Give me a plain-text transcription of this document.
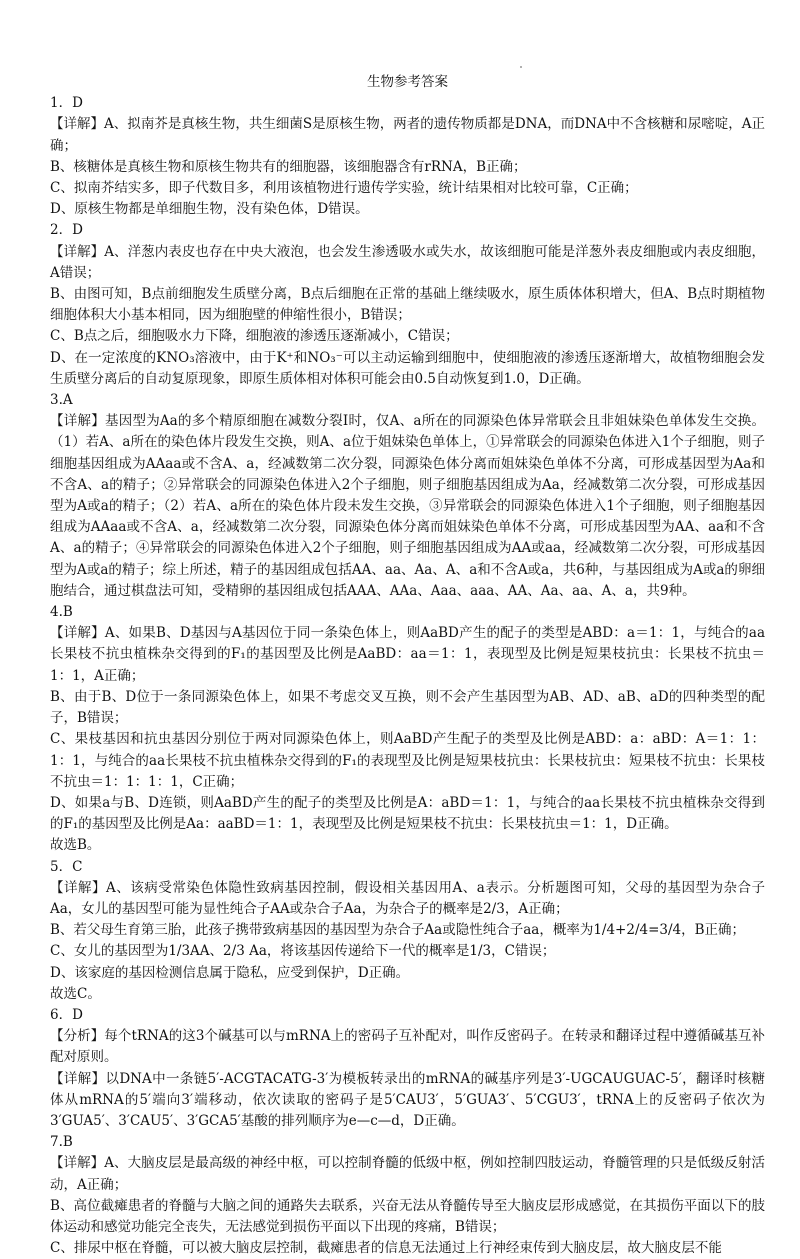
生物参考答案

1．D

【详解】A、拟南芥是真核生物，共生细菌S是原核生物，两者的遗传物质都是DNA，而DNA中不含核糖和尿嘧啶，A正确；

B、核糖体是真核生物和原核生物共有的细胞器，该细胞器含有rRNA，B正确；

C、拟南芥结实多，即子代数目多，利用该植物进行遗传学实验，统计结果相对比较可靠，C正确；

D、原核生物都是单细胞生物，没有染色体，D错误。

2．D

【详解】A、洋葱内表皮也存在中央大液泡，也会发生渗透吸水或失水，故该细胞可能是洋葱外表皮细胞或内表皮细胞，A错误；

B、由图可知，B点前细胞发生质壁分离，B点后细胞在正常的基础上继续吸水，原生质体体积增大，但A、B点时期植物细胞体积大小基本相同，因为细胞壁的伸缩性很小，B错误；

C、B点之后，细胞吸水力下降，细胞液的渗透压逐渐减小，C错误；

D、在一定浓度的KNO₃溶液中，由于K⁺和NO₃⁻可以主动运输到细胞中，使细胞液的渗透压逐渐增大，故植物细胞会发生质壁分离后的自动复原现象，即原生质体相对体积可能会由0.5自动恢复到1.0，D正确。

3.A

【详解】基因型为Aa的多个精原细胞在减数分裂Ⅰ时，仅A、a所在的同源染色体异常联会且非姐妹染色单体发生交换。（1）若A、a所在的染色体片段发生交换，则A、a位于姐妹染色单体上，①异常联会的同源染色体进入1个子细胞，则子细胞基因组成为AAaa或不含A、a，经减数第二次分裂，同源染色体分离而姐妹染色单体不分离，可形成基因型为Aa和不含A、a的精子；②异常联会的同源染色体进入2个子细胞，则子细胞基因组成为Aa，经减数第二次分裂，可形成基因型为A或a的精子；（2）若A、a所在的染色体片段未发生交换，③异常联会的同源染色体进入1个子细胞，则子细胞基因组成为AAaa或不含A、a，经减数第二次分裂，同源染色体分离而姐妹染色单体不分离，可形成基因型为AA、aa和不含A、a的精子；④异常联会的同源染色体进入2个子细胞，则子细胞基因组成为AA或aa，经减数第二次分裂，可形成基因型为A或a的精子；综上所述，精子的基因组成包括AA、aa、Aa、A、a和不含A或a，共6种，与基因组成为A或a的卵细胞结合，通过棋盘法可知，受精卵的基因组成包括AAA、AAa、Aaa、aaa、AA、Aa、aa、A、a，共9种。

4.B

【详解】A、如果B、D基因与A基因位于同一条染色体上，则AaBD产生的配子的类型是ABD：a＝1：1，与纯合的aa长果枝不抗虫植株杂交得到的F₁的基因型及比例是AaBD：aa＝1：1，表现型及比例是短果枝抗虫：长果枝不抗虫＝1：1，A正确；

B、由于B、D位于一条同源染色体上，如果不考虑交叉互换，则不会产生基因型为AB、AD、aB、aD的四种类型的配子，B错误；

C、果枝基因和抗虫基因分别位于两对同源染色体上，则AaBD产生配子的类型及比例是ABD：a：aBD：A＝1：1：1：1，与纯合的aa长果枝不抗虫植株杂交得到的F₁的表现型及比例是短果枝抗虫：长果枝抗虫：短果枝不抗虫：长果枝不抗虫＝1：1：1：1，C正确；

D、如果a与B、D连锁，则AaBD产生的配子的类型及比例是A：aBD＝1：1，与纯合的aa长果枝不抗虫植株杂交得到的F₁的基因型及比例是Aa：aaBD＝1：1，表现型及比例是短果枝不抗虫：长果枝抗虫＝1：1，D正确。

故选B。

5．C

【详解】A、该病受常染色体隐性致病基因控制，假设相关基因用A、a表示。分析题图可知，父母的基因型为杂合子Aa，女儿的基因型可能为显性纯合子AA或杂合子Aa，为杂合子的概率是2/3，A正确；

B、若父母生育第三胎，此孩子携带致病基因的基因型为杂合子Aa或隐性纯合子aa，概率为1/4+2/4=3/4，B正确；

C、女儿的基因型为1/3AA、2/3 Aa，将该基因传递给下一代的概率是1/3，C错误；

D、该家庭的基因检测信息属于隐私，应受到保护，D正确。

故选C。

6．D

【分析】每个tRNA的这3个碱基可以与mRNA上的密码子互补配对，叫作反密码子。在转录和翻译过程中遵循碱基互补配对原则。

【详解】以DNA中一条链5′-ACGTACATG-3′为模板转录出的mRNA的碱基序列是3′-UGCAUGUAC-5′，翻译时核糖体从mRNA的5′端向3′端移动，依次读取的密码子是5′CAU3′，5′GUA3′、5′CGU3′，tRNA上的反密码子依次为3′GUA5′、3′CAU5′、3′GCA5′基酸的排列顺序为e—c—d，D正确。

7.B

【详解】A、大脑皮层是最高级的神经中枢，可以控制脊髓的低级中枢，例如控制四肢运动，脊髓管理的只是低级反射活动，A正确；

B、高位截瘫患者的脊髓与大脑之间的通路失去联系，兴奋无法从脊髓传导至大脑皮层形成感觉，在其损伤平面以下的肢体运动和感觉功能完全丧失，无法感觉到损伤平面以下出现的疼痛，B错误；

C、排尿中枢在脊髓，可以被大脑皮层控制，截瘫患者的信息无法通过上行神经束传到大脑皮层，故大脑皮层不能
